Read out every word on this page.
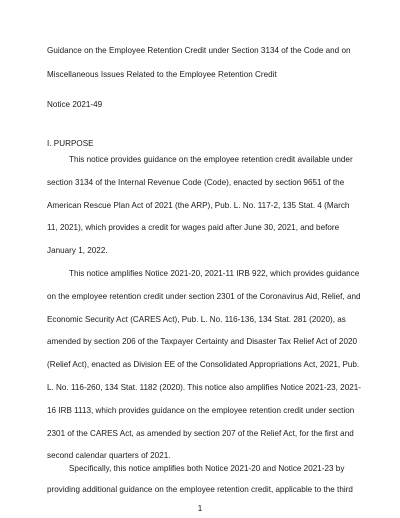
Guidance on the Employee Retention Credit under Section 3134 of the Code and on
Miscellaneous Issues Related to the Employee Retention Credit
Notice 2021-49
I. PURPOSE
This notice provides guidance on the employee retention credit available under
section 3134 of the Internal Revenue Code (Code), enacted by section 9651 of the
American Rescue Plan Act of 2021 (the ARP), Pub. L. No. 117-2, 135 Stat. 4 (March
11, 2021), which provides a credit for wages paid after June 30, 2021, and before
January 1, 2022.
This notice amplifies Notice 2021-20, 2021-11 IRB 922, which provides guidance
on the employee retention credit under section 2301 of the Coronavirus Aid, Relief, and
Economic Security Act (CARES Act), Pub. L. No. 116-136, 134 Stat. 281 (2020), as
amended by section 206 of the Taxpayer Certainty and Disaster Tax Relief Act of 2020
(Relief Act), enacted as Division EE of the Consolidated Appropriations Act, 2021, Pub.
L. No. 116-260, 134 Stat. 1182 (2020). This notice also amplifies Notice 2021-23, 2021-
16 IRB 1113, which provides guidance on the employee retention credit under section
2301 of the CARES Act, as amended by section 207 of the Relief Act, for the first and
second calendar quarters of 2021.
Specifically, this notice amplifies both Notice 2021-20 and Notice 2021-23 by
providing additional guidance on the employee retention credit, applicable to the third
1
